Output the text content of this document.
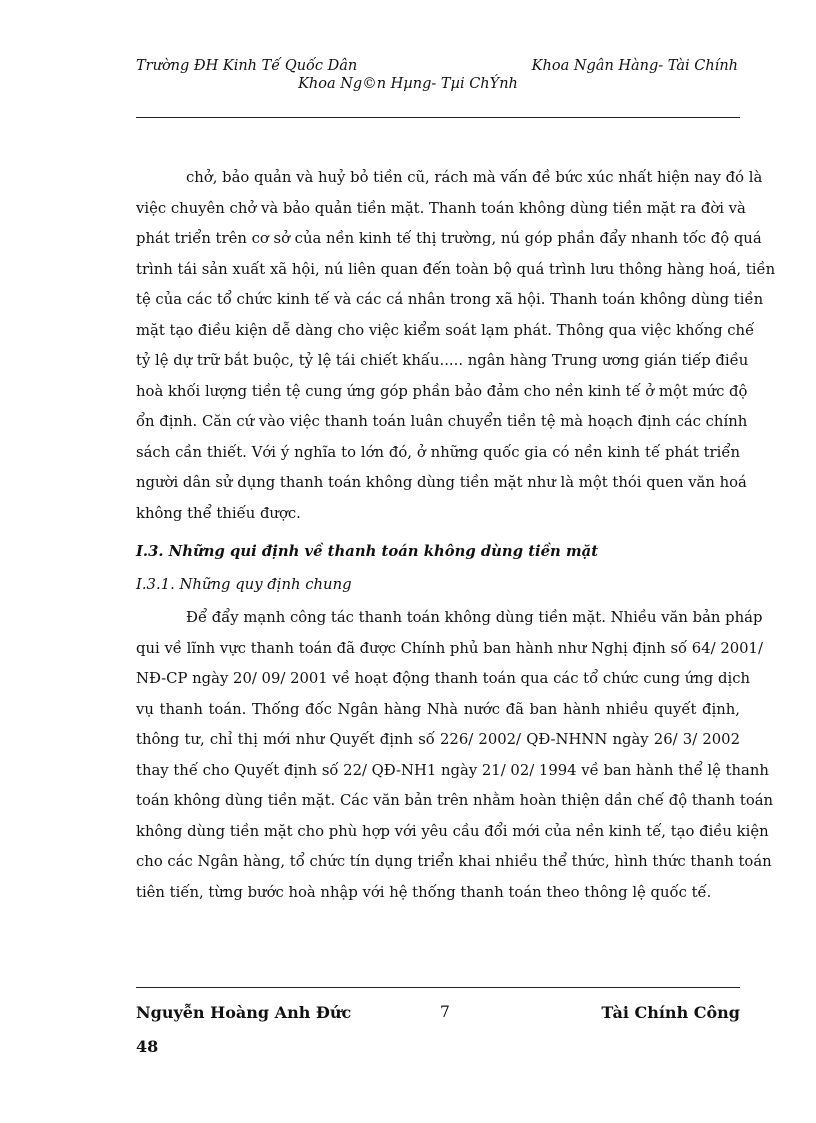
Trường ĐH Kinh Tế Quốc Dân	Khoa Ngân Hàng- Tài Chính
Khoa Ng©n Hµng- Tµi ChÝnh
chở, bảo quản và huỷ bỏ tiền cũ, rách mà vấn đề bức xúc nhất hiện nay đó là
việc chuyên chở và bảo quản tiền mặt. Thanh toán không dùng tiền mặt ra đời và
phát triển trên cơ sở của nền kinh tế thị trường, nú góp phần đẩy nhanh tốc độ quá
trình tái sản xuất xã hội, nú liên quan đến toàn bộ quá trình lưu thông hàng hoá, tiền
tệ của các tổ chức kinh tế và các cá nhân trong xã hội. Thanh toán không dùng tiền
mặt tạo điều kiện dễ dàng cho việc kiểm soát lạm phát. Thông qua việc khống chế
tỷ lệ dự trữ bắt buộc, tỷ lệ tái chiết khấu..... ngân hàng Trung ương gián tiếp điều
hoà khối lượng tiền tệ cung ứng góp phần bảo đảm cho nền kinh tế ở một mức độ
ổn định. Căn cứ vào việc thanh toán luân chuyển tiền tệ mà hoạch định các chính
sách cần thiết. Với ý nghĩa to lớn đó, ở những quốc gia có nền kinh tế phát triển
người dân sử dụng thanh toán không dùng tiền mặt như là một thói quen văn hoá
không thể thiếu được.
I.3. Những qui định về thanh toán không dùng tiền mặt
I.3.1. Những quy định chung
Để đẩy mạnh công tác thanh toán không dùng tiền mặt. Nhiều văn bản pháp
qui về lĩnh vực thanh toán đã được Chính phủ ban hành như Nghị định số 64/ 2001/
NĐ-CP ngày 20/ 09/ 2001 về hoạt động thanh toán qua các tổ chức cung ứng dịch
vụ thanh toán. Thống đốc Ngân hàng Nhà nước đã ban hành nhiều quyết định,
thông tư, chỉ thị mới như Quyết định số 226/ 2002/ QĐ-NHNN ngày 26/ 3/ 2002
thay thế cho Quyết định số 22/ QĐ-NH1 ngày 21/ 02/ 1994 về ban hành thể lệ thanh
toán không dùng tiền mặt. Các văn bản trên nhằm hoàn thiện dần chế độ thanh toán
không dùng tiền mặt cho phù hợp với yêu cầu đổi mới của nền kinh tế, tạo điều kiện
cho các Ngân hàng, tổ chức tín dụng triển khai nhiều thể thức, hình thức thanh toán
tiên tiến, từng bước hoà nhập với hệ thống thanh toán theo thông lệ quốc tế.
Nguyễn Hoàng Anh Đức	7	Tài Chính Công
48
